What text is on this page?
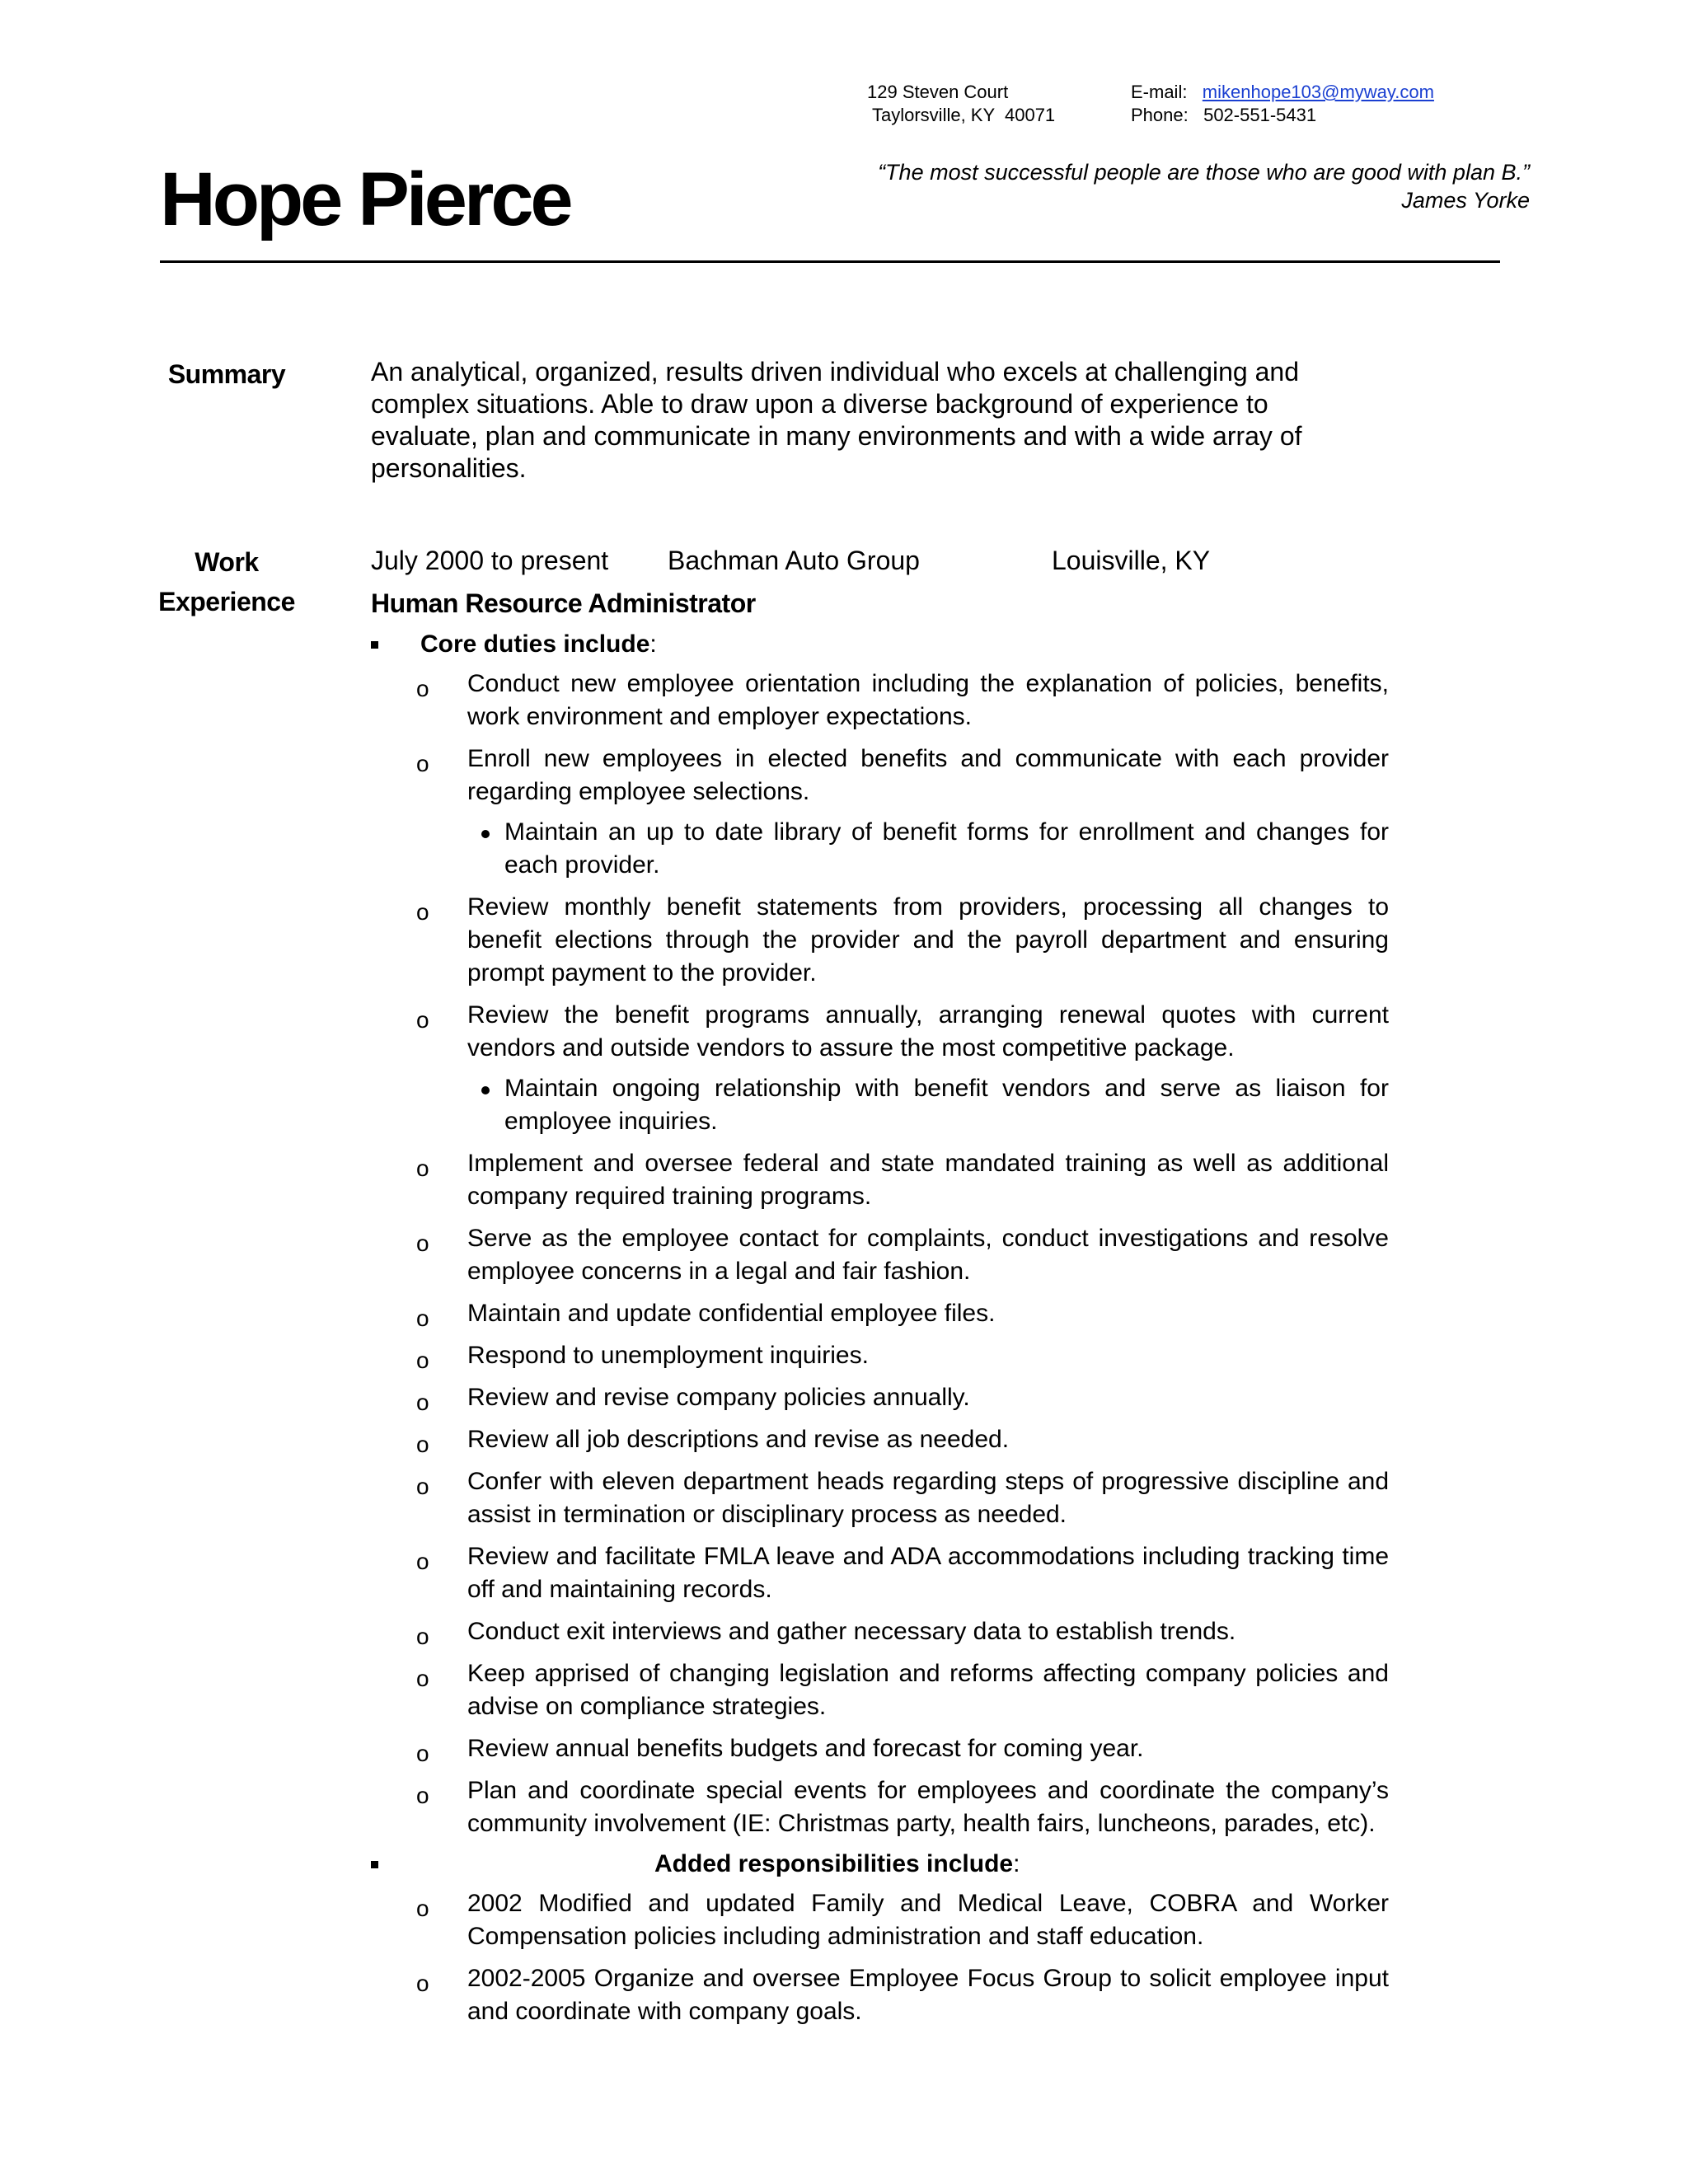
129 Steven Court
Taylorsville, KY  40071
E-mail: mikenhope103@myway.com
Phone: 502-551-5431
Hope Pierce	“The most successful people are those who are good with plan B.”
James Yorke
Summary	An analytical, organized, results driven individual who excels at challenging and complex situations. Able to draw upon a diverse background of experience to evaluate, plan and communicate in many environments and with a wide array of personalities.
Work
Experience
July 2000 to present Bachman Auto Group	Louisville, KY
Human Resource Administrator
Core duties include:
o Conduct new employee orientation including the explanation of policies, benefits, work environment and employer expectations.
o Enroll new employees in elected benefits and communicate with each provider regarding employee selections.
Maintain an up to date library of benefit forms for enrollment and changes for each provider.
o Review monthly benefit statements from providers, processing all changes to benefit elections through the provider and the payroll department and ensuring prompt payment to the provider.
o Review the benefit programs annually, arranging renewal quotes with current vendors and outside vendors to assure the most competitive package.
Maintain ongoing relationship with benefit vendors and serve as liaison for employee inquiries.
o Implement and oversee federal and state mandated training as well as additional company required training programs.
o Serve as the employee contact for complaints, conduct investigations and resolve employee concerns in a legal and fair fashion.
o Maintain and update confidential employee files.
o Respond to unemployment inquiries.
o Review and revise company policies annually.
o Review all job descriptions and revise as needed.
o Confer with eleven department heads regarding steps of progressive discipline and assist in termination or disciplinary process as needed.
o Review and facilitate FMLA leave and ADA accommodations including tracking time off and maintaining records.
o Conduct exit interviews and gather necessary data to establish trends.
o Keep apprised of changing legislation and reforms affecting company policies and advise on compliance strategies.
o Review annual benefits budgets and forecast for coming year.
o Plan and coordinate special events for employees and coordinate the company’s community involvement (IE: Christmas party, health fairs, luncheons, parades, etc).
Added responsibilities include:
o 2002 Modified and updated Family and Medical Leave, COBRA and Worker Compensation policies including administration and staff education.
o 2002-2005 Organize and oversee Employee Focus Group to solicit employee input and coordinate with company goals.
